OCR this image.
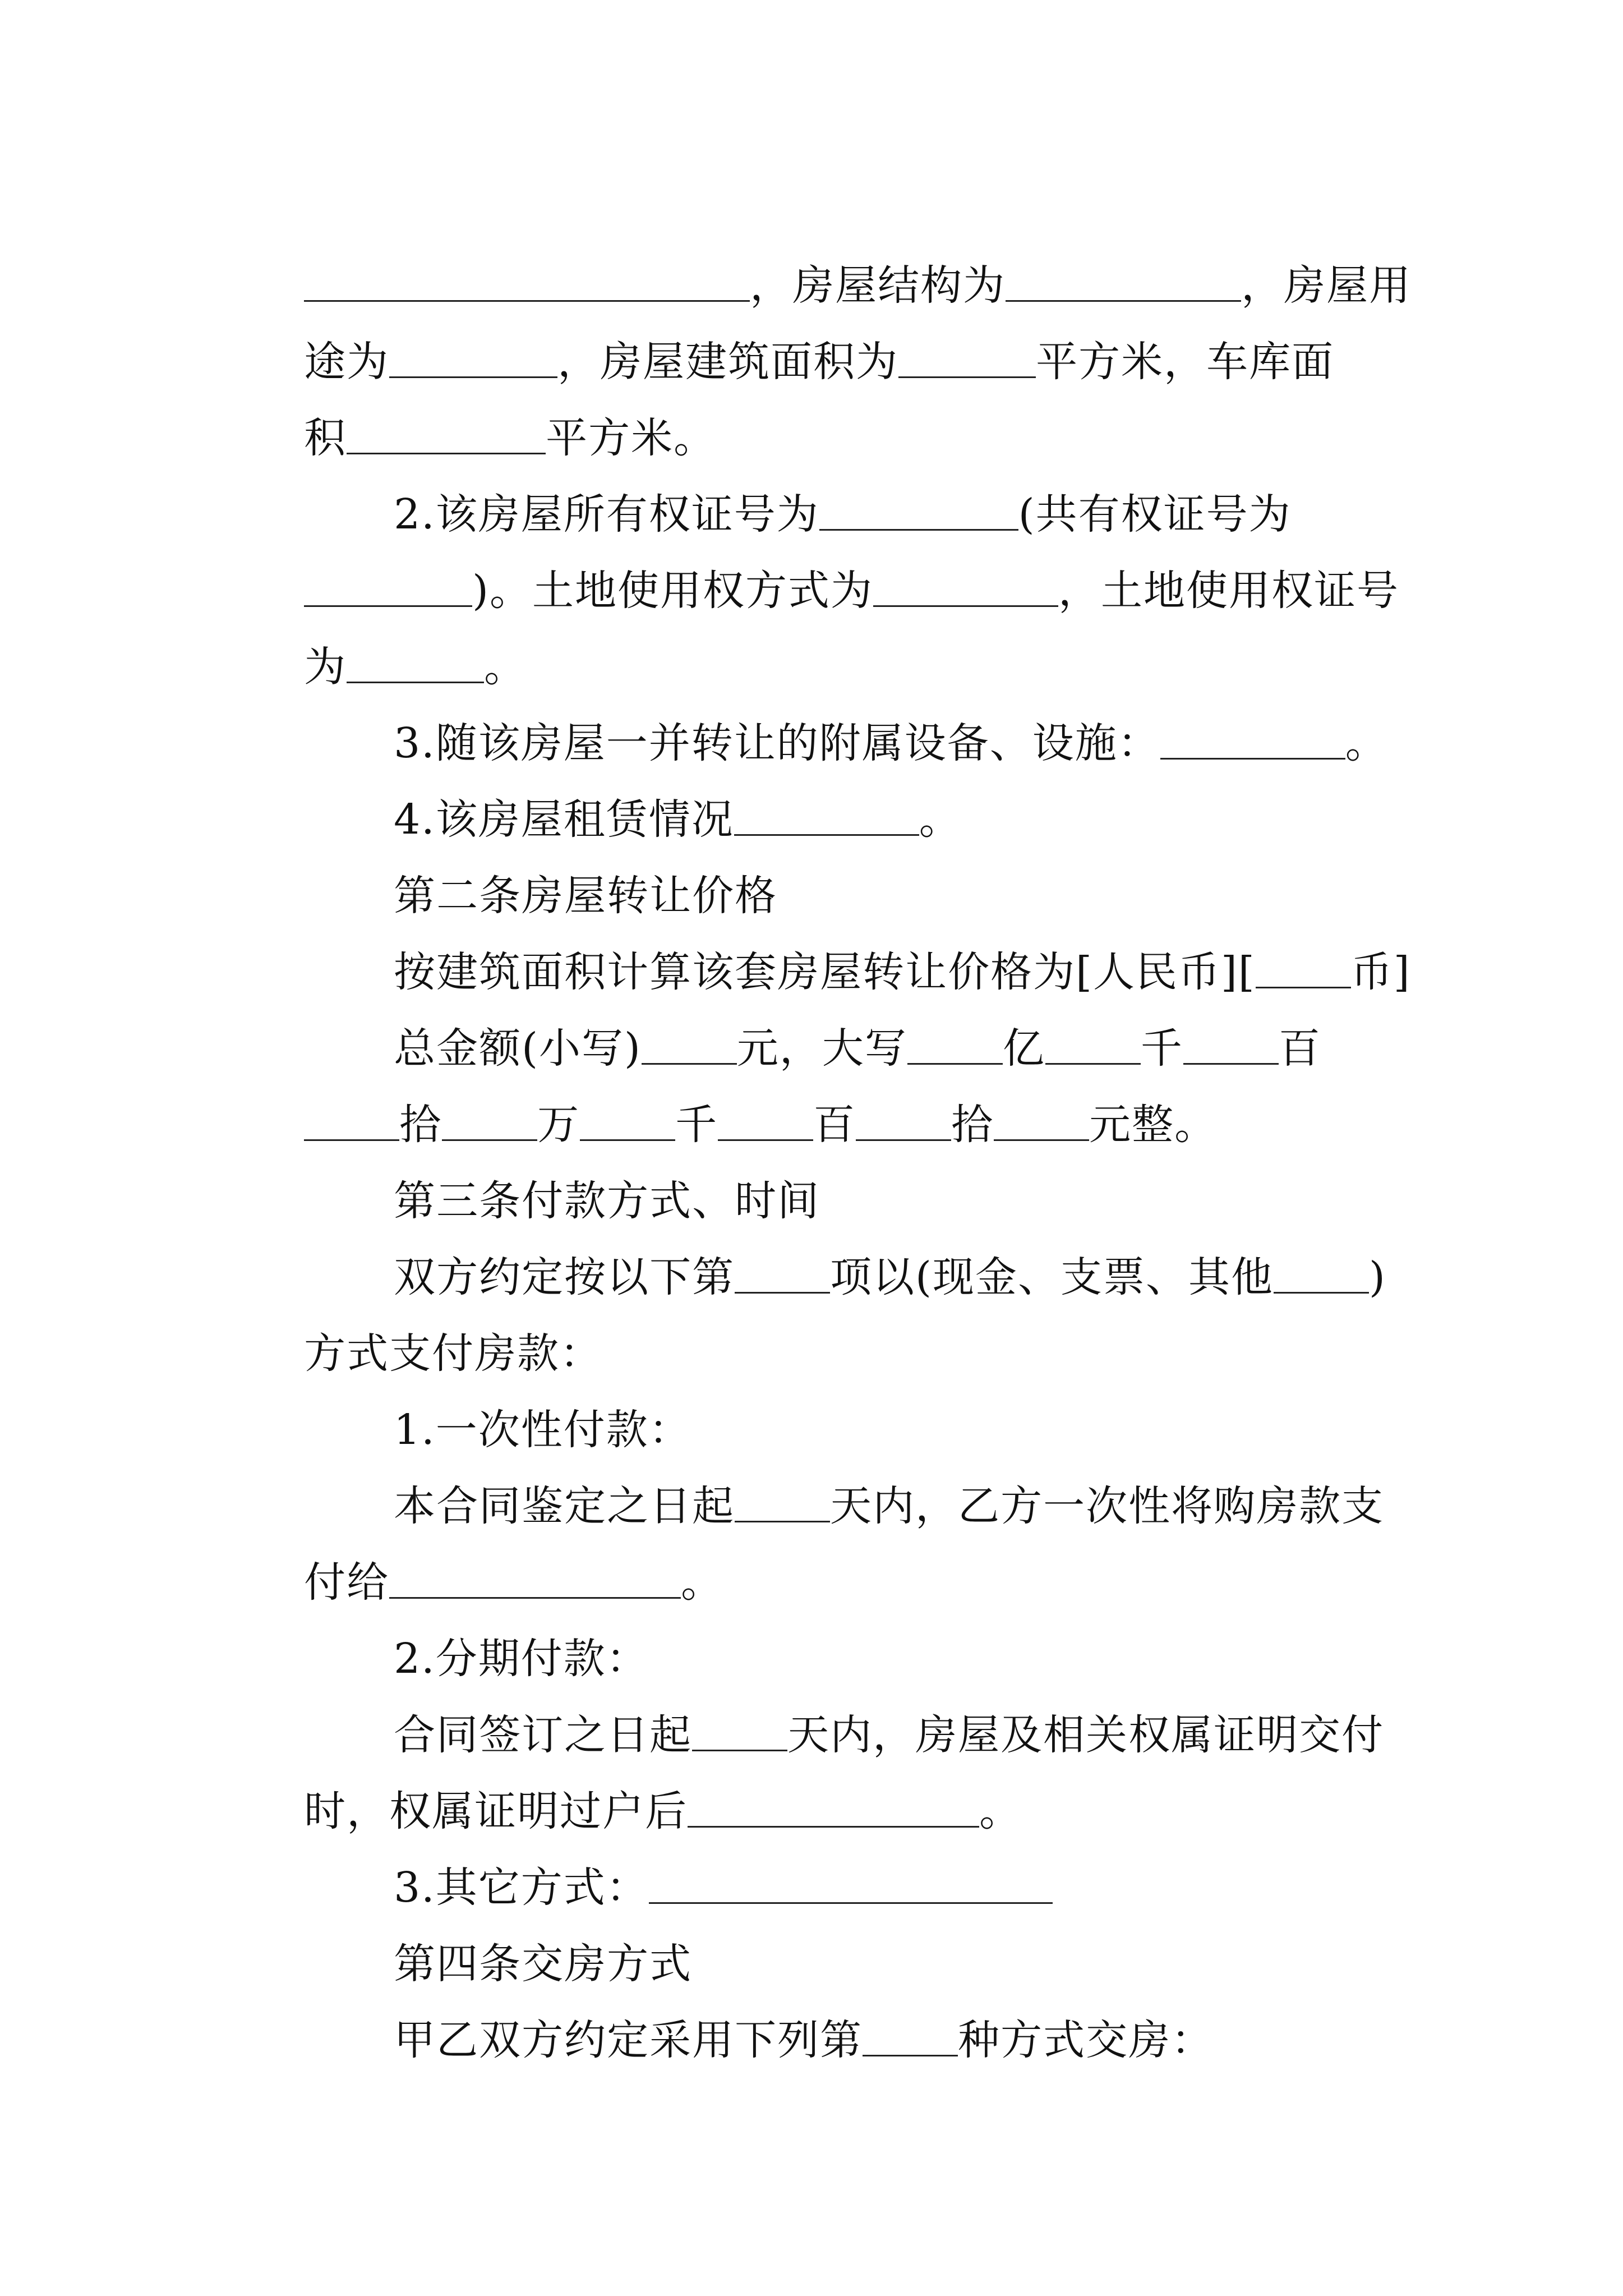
，房屋结构为	，房屋用

途为	，房屋建筑面积为	平方米，车库面

积	平方米。

2.该房屋所有权证号为	(共有权证号为

)。土地使用权方式为	，土地使用权证号

为	。

3.随该房屋一并转让的附属设备、设施：	。

4.该房屋租赁情况	。

第二条房屋转让价格

按建筑面积计算该套房屋转让价格为[人民币][ 币]

总金额(小写) 元，大写 亿 千 百

拾 万 千 百 拾 元整。

第三条付款方式、时间

双方约定按以下第 项以(现金、支票、其他 )

方式支付房款：

1.一次性付款：

本合同鉴定之日起 天内，乙方一次性将购房款支

付给	。

2.分期付款：

合同签订之日起 天内，房屋及相关权属证明交付

时，权属证明过户后	。

3.其它方式：

第四条交房方式

甲乙双方约定采用下列第 种方式交房：
